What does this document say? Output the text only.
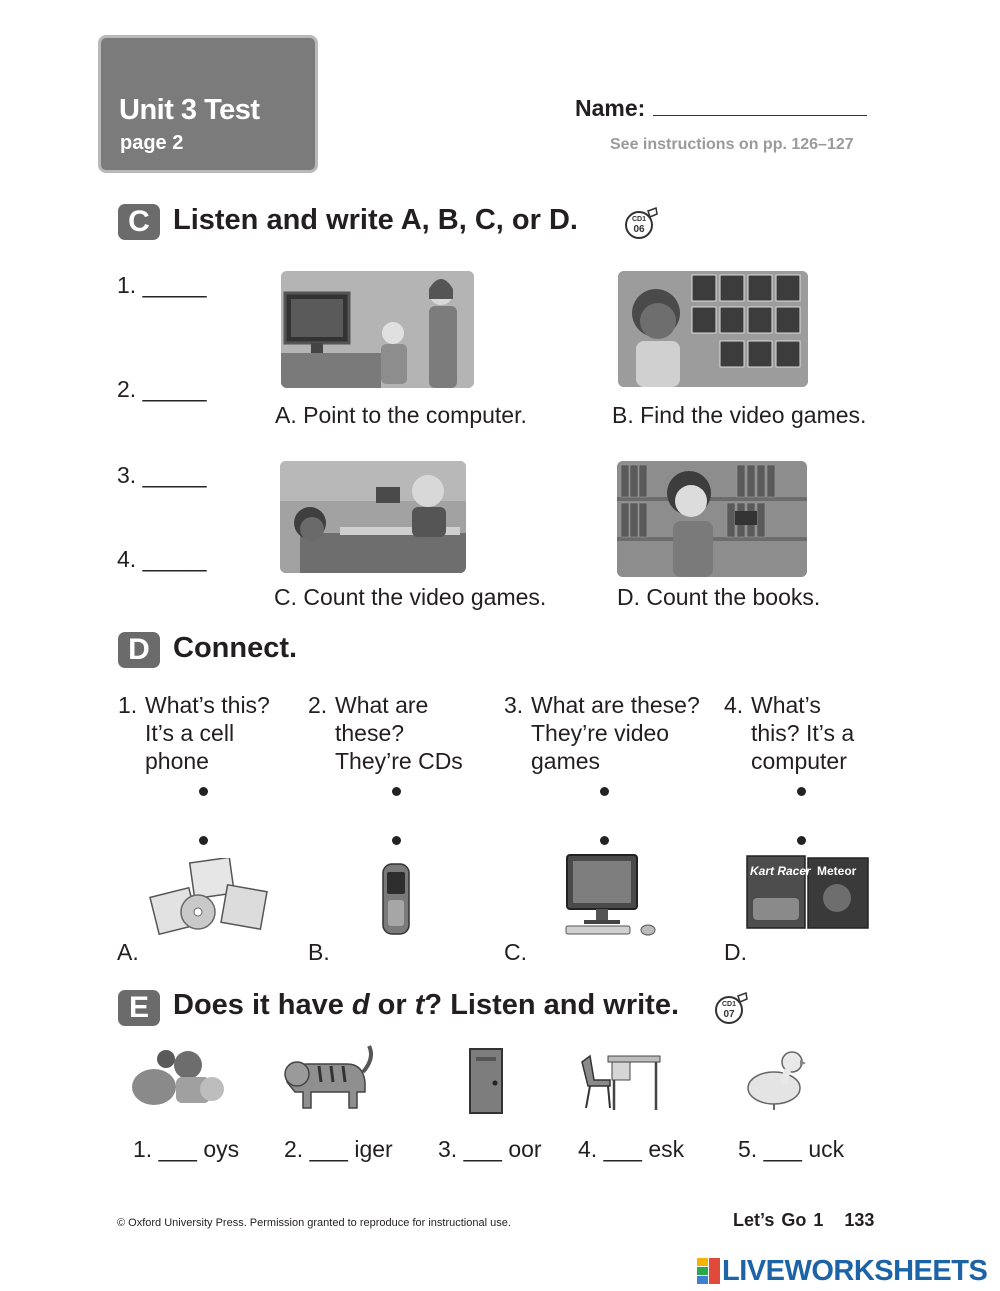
Unit 3 Test
page 2
Name:
See instructions on pp. 126–127
C Listen and write A, B, C, or D.	CD1
06
1. _____
2. _____
3. _____
4. _____
A. Point to the computer.	B. Find the video games.
C. Count the video games.	D. Count the books.
D Connect.
1. What’s this? It’s a cell phone
2. What are these? They’re CDs
3. What are these? They’re video games
4. What’s this? It’s a computer
Kart Racer Meteor
A.	B.	C.	D.
E Does it have d or t? Listen and write.	CD1
07
1. ___ oys 2. ___ iger 3. ___ oor 4. ___ esk 5. ___ uck
© Oxford University Press. Permission granted to reproduce for instructional use.	Let’s Go 1 133
LIVEWORKSHEETS
